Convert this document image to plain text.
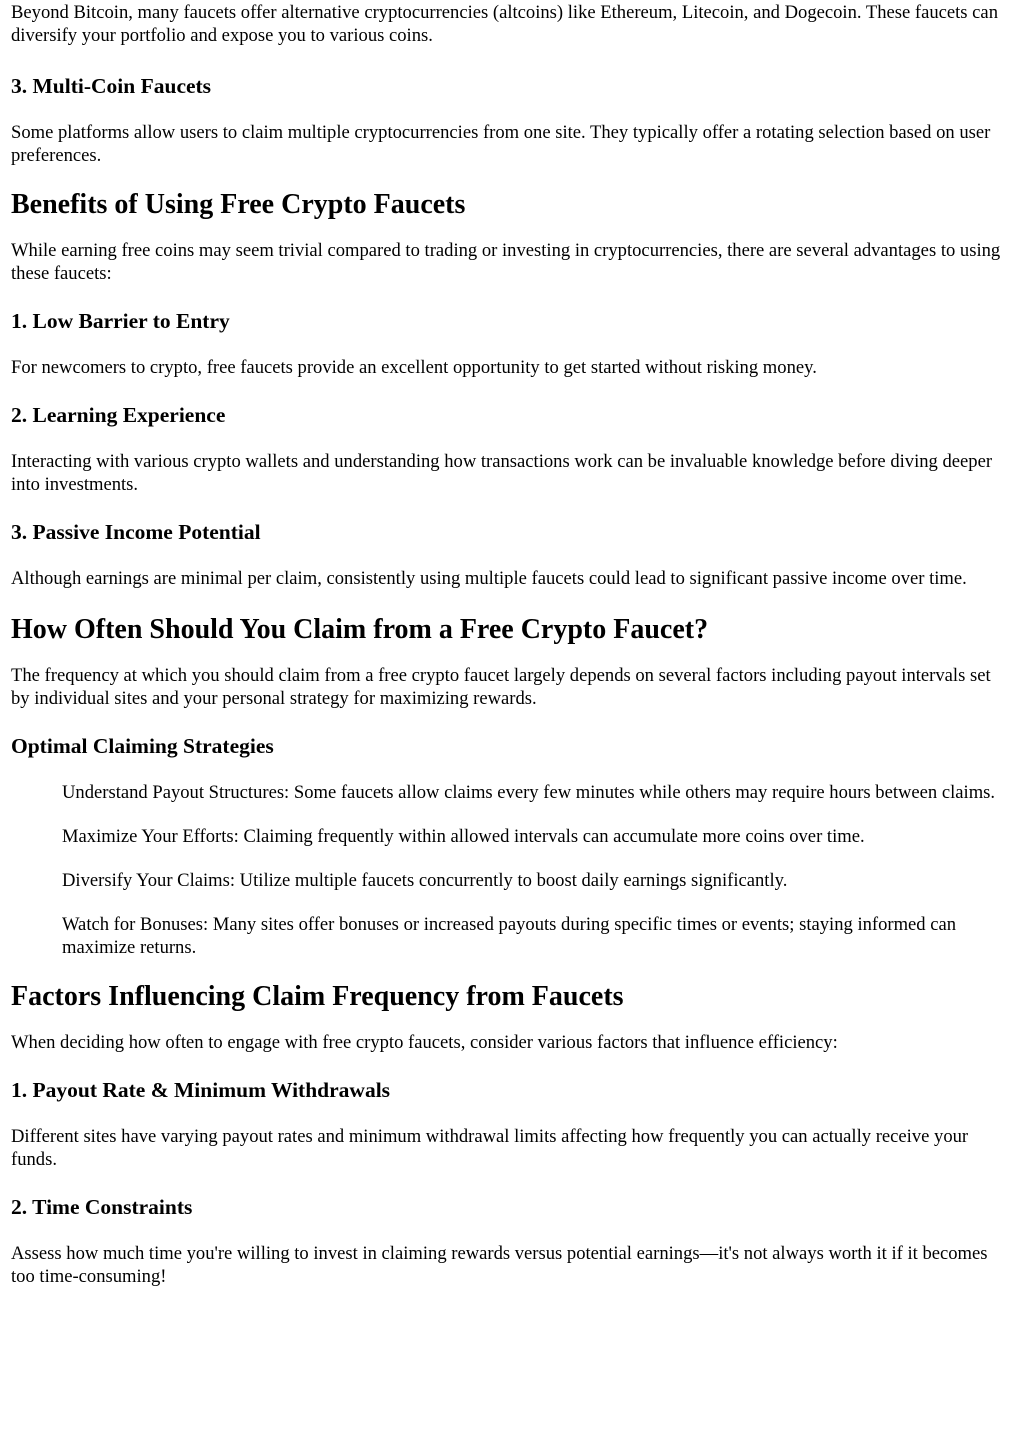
Beyond Bitcoin, many faucets offer alternative cryptocurrencies (altcoins) like Ethereum, Litecoin, and Dogecoin. These faucets can diversify your portfolio and expose you to various coins.

3. Multi-Coin Faucets

Some platforms allow users to claim multiple cryptocurrencies from one site. They typically offer a rotating selection based on user preferences.

Benefits of Using Free Crypto Faucets

While earning free coins may seem trivial compared to trading or investing in cryptocurrencies, there are several advantages to using these faucets:

1. Low Barrier to Entry

For newcomers to crypto, free faucets provide an excellent opportunity to get started without risking money.

2. Learning Experience

Interacting with various crypto wallets and understanding how transactions work can be invaluable knowledge before diving deeper into investments.

3. Passive Income Potential

Although earnings are minimal per claim, consistently using multiple faucets could lead to significant passive income over time.

How Often Should You Claim from a Free Crypto Faucet?

The frequency at which you should claim from a free crypto faucet largely depends on several factors including payout intervals set by individual sites and your personal strategy for maximizing rewards.

Optimal Claiming Strategies
Understand Payout Structures: Some faucets allow claims every few minutes while others may require hours between claims.
Maximize Your Efforts: Claiming frequently within allowed intervals can accumulate more coins over time.
Diversify Your Claims: Utilize multiple faucets concurrently to boost daily earnings significantly.
Watch for Bonuses: Many sites offer bonuses or increased payouts during specific times or events; staying informed can maximize returns.
Factors Influencing Claim Frequency from Faucets

When deciding how often to engage with free crypto faucets, consider various factors that influence efficiency:

1. Payout Rate & Minimum Withdrawals

Different sites have varying payout rates and minimum withdrawal limits affecting how frequently you can actually receive your funds.

2. Time Constraints

Assess how much time you're willing to invest in claiming rewards versus potential earnings—it's not always worth it if it becomes too time-consuming!
